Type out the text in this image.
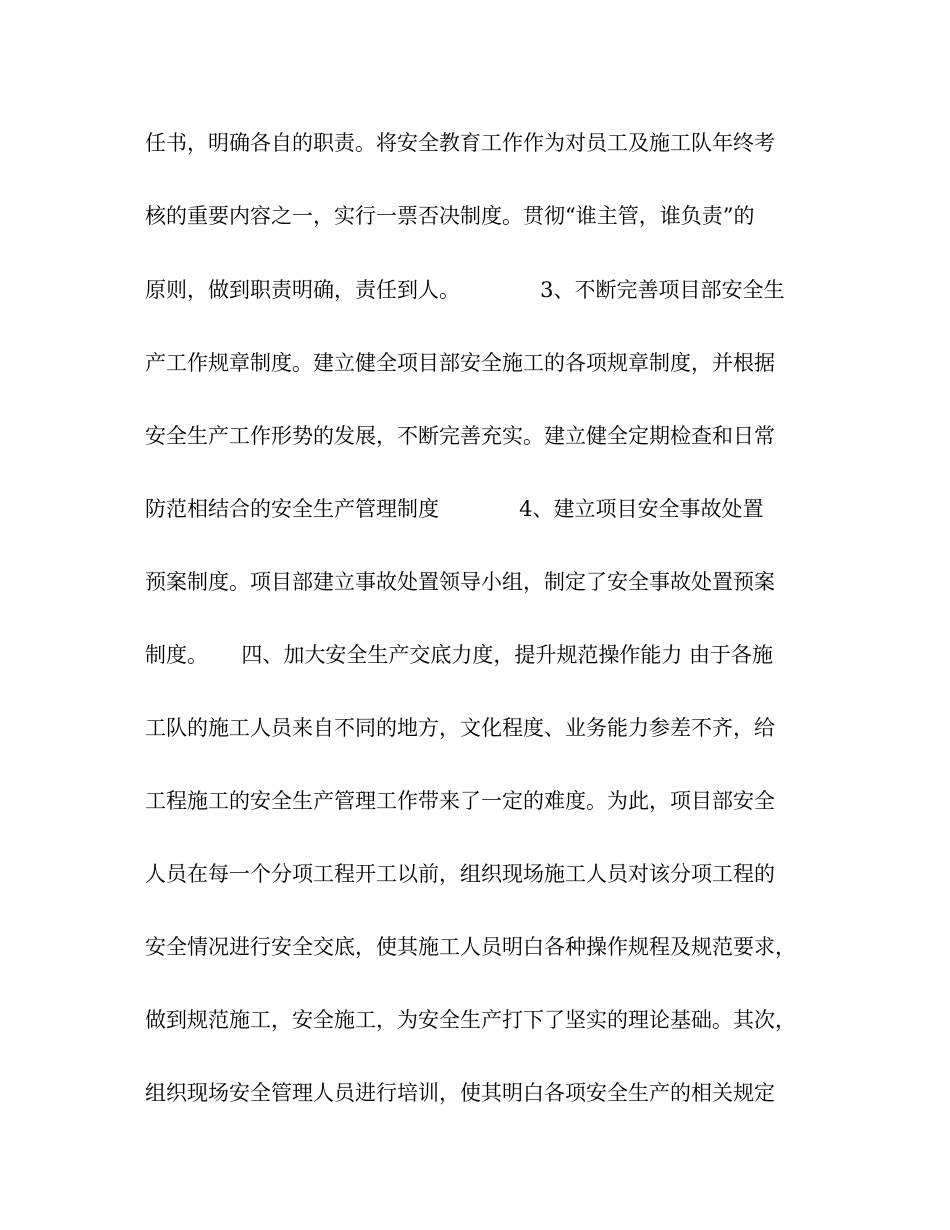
任书，明确各自的职责。将安全教育工作作为对员工及施工队年终考

核的重要内容之一，实行一票否决制度。贯彻“谁主管，谁负责”的

原则，做到职责明确，责任到人。            3、不断完善项目部安全生

产工作规章制度。建立健全项目部安全施工的各项规章制度，并根据

安全生产工作形势的发展，不断完善充实。建立健全定期检查和日常

防范相结合的安全生产管理制度            4、建立项目安全事故处置

预案制度。项目部建立事故处置领导小组，制定了安全事故处置预案

制度。     四、加大安全生产交底力度，提升规范操作能力 由于各施

工队的施工人员来自不同的地方，文化程度、业务能力参差不齐，给

工程施工的安全生产管理工作带来了一定的难度。为此，项目部安全

人员在每一个分项工程开工以前，组织现场施工人员对该分项工程的

安全情况进行安全交底，使其施工人员明白各种操作规程及规范要求，

做到规范施工，安全施工，为安全生产打下了坚实的理论基础。其次，

组织现场安全管理人员进行培训，使其明白各项安全生产的相关规定
